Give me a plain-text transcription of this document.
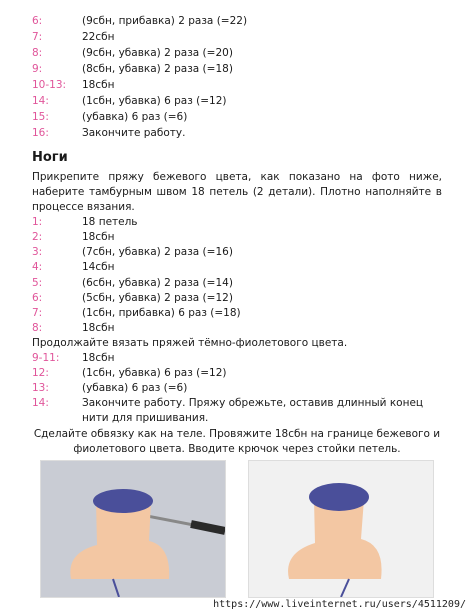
6:	(9сбн, прибавка) 2 раза (=22)
7:	22сбн
8:	(9сбн, убавка) 2 раза (=20)
9:	(8сбн, убавка) 2 раза (=18)
10-13: 18сбн
14:	(1сбн, убавка) 6 раз (=12)
15:	(убавка) 6 раз (=6)
16:	Закончите работу.
Ноги
Прикрепите пряжу бежевого цвета, как показано на фото ниже, наберите тамбурным швом 18 петель (2 детали). Плотно наполняйте в процессе вязания.
1:	18 петель
2:	18сбн
3:	(7сбн, убавка) 2 раза (=16)
4:	14сбн
5:	(6сбн, убавка) 2 раза (=14)
6:	(5сбн, убавка) 2 раза (=12)
7:	(1сбн, прибавка) 6 раз (=18)
8:	18сбн
Продолжайте вязать пряжей тёмно-фиолетового цвета.
9-11: 18сбн
12:	(1сбн, убавка) 6 раз (=12)
13:	(убавка) 6 раз (=6)
14:	Закончите работу. Пряжу обрежьте, оставив длинный конец нити для пришивания.
Сделайте обвязку как на теле. Провяжите 18сбн на границе бежевого и фиолетового цвета. Вводите крючок через стойки петель.
https://www.liveinternet.ru/users/4511209/
